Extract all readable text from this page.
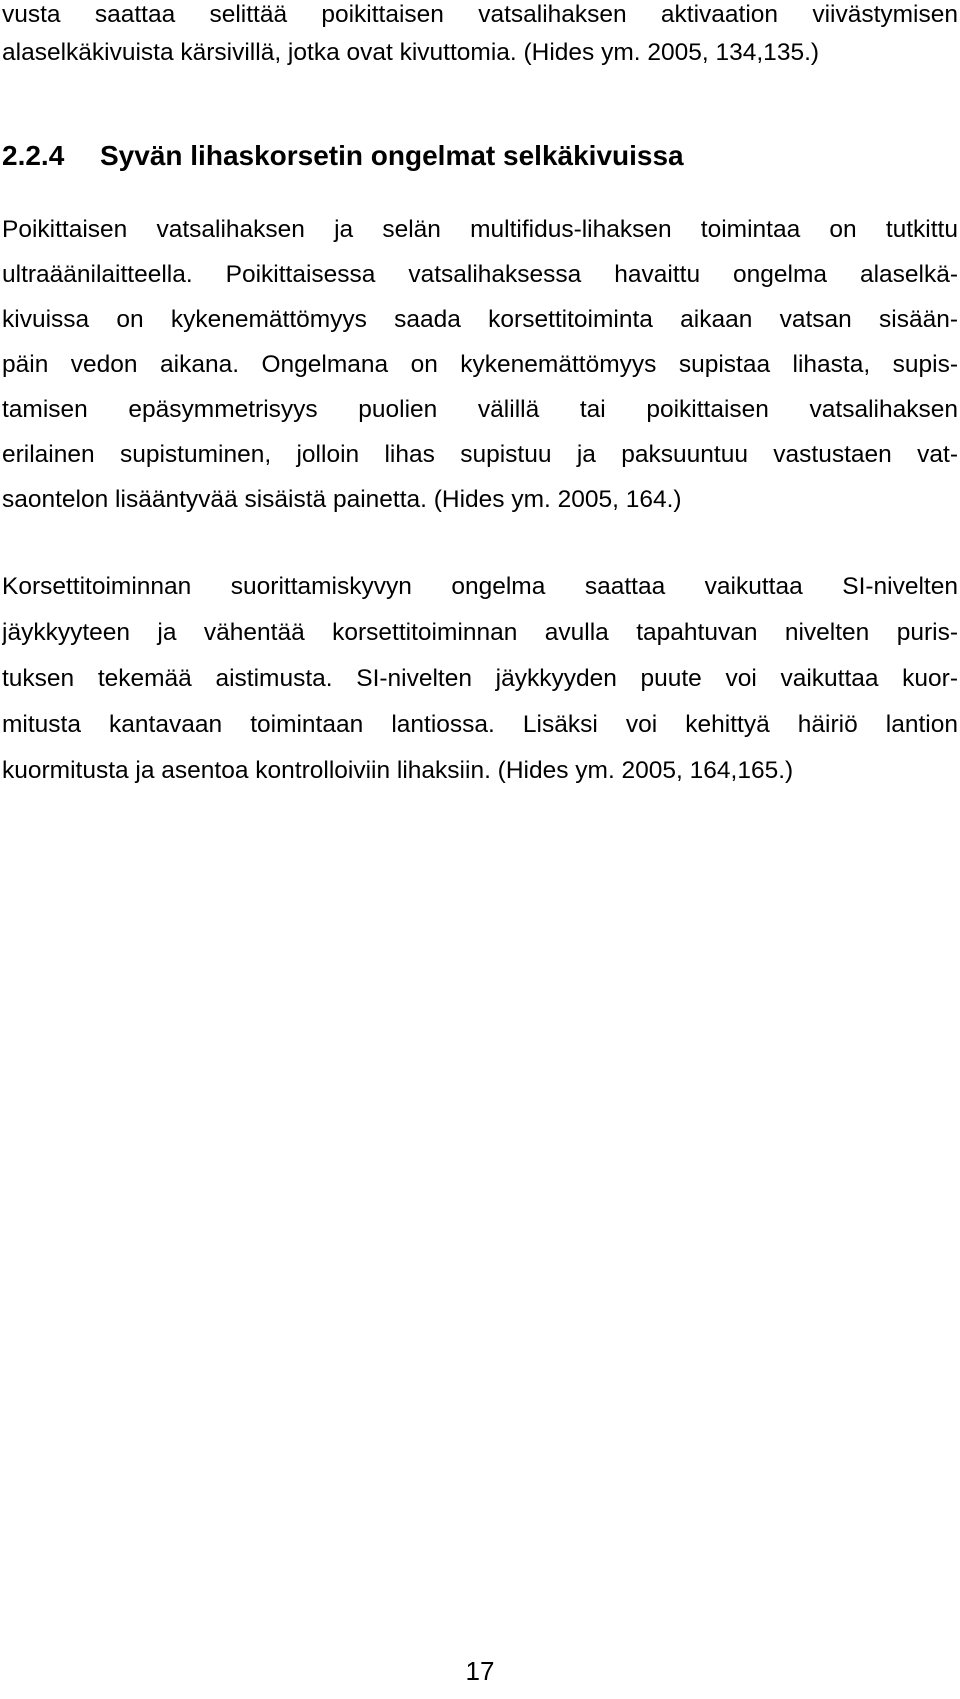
vusta saattaa selittää poikittaisen vatsalihaksen aktivaation viivästymisen
alaselkäkivuista kärsivillä, jotka ovat kivuttomia. (Hides ym. 2005, 134,135.)
2.2.4 Syvän lihaskorsetin ongelmat selkäkivuissa
Poikittaisen vatsalihaksen ja selän multifidus-lihaksen toimintaa on tutkittu
ultraäänilaitteella. Poikittaisessa vatsalihaksessa havaittu ongelma alaselkä-
kivuissa on kykenemättömyys saada korsettitoiminta aikaan vatsan sisään-
päin vedon aikana. Ongelmana on kykenemättömyys supistaa lihasta, supis-
tamisen epäsymmetrisyys puolien välillä tai poikittaisen vatsalihaksen
erilainen supistuminen, jolloin lihas supistuu ja paksuuntuu vastustaen vat-
saontelon lisääntyvää sisäistä painetta. (Hides ym. 2005, 164.)
Korsettitoiminnan suorittamiskyvyn ongelma saattaa vaikuttaa SI-nivelten
jäykkyyteen ja vähentää korsettitoiminnan avulla tapahtuvan nivelten puris-
tuksen tekemää aistimusta. SI-nivelten jäykkyyden puute voi vaikuttaa kuor-
mitusta kantavaan toimintaan lantiossa. Lisäksi voi kehittyä häiriö lantion
kuormitusta ja asentoa kontrolloiviin lihaksiin. (Hides ym. 2005, 164,165.)
17
